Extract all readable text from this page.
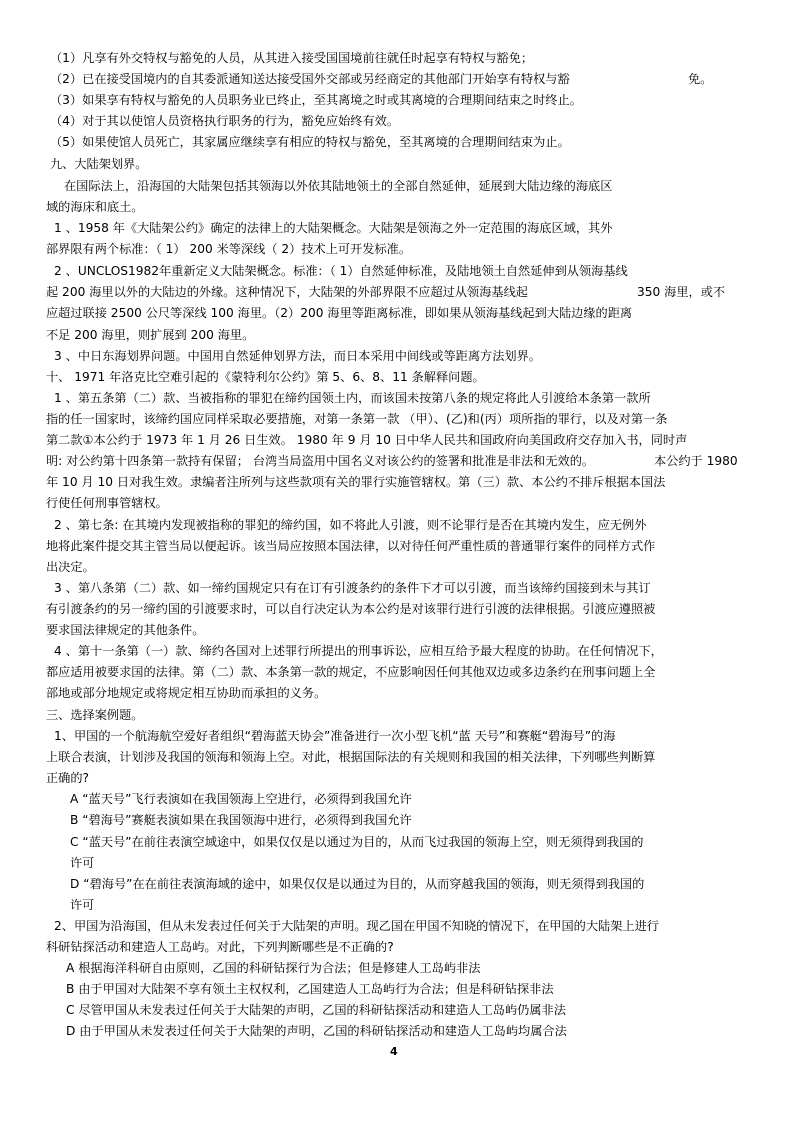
（1）凡享有外交特权与豁免的人员，从其进入接受国国境前往就任时起享有特权与豁免；
（2）已在接受国境内的自其委派通知送达接受国外交部或另经商定的其他部门开始享有特权与豁	免。
（3）如果享有特权与豁免的人员职务业已终止，至其离境之时或其离境的合理期间结束之时终止。
（4）对于其以使馆人员资格执行职务的行为，豁免应始终有效。
（5）如果使馆人员死亡，其家属应继续享有相应的特权与豁免，至其离境的合理期间结束为止。
九、大陆架划界。
在国际法上，沿海国的大陆架包括其领海以外依其陆地领土的全部自然延伸，延展到大陆边缘的海底区
域的海床和底土。
1 、1958 年《大陆架公约》确定的法律上的大陆架概念。大陆架是领海之外一定范围的海底区域，其外
部界限有两个标准：（ 1） 200 米等深线（ 2）技术上可开发标准。
2 、UNCLOS1982年重新定义大陆架概念。标准：（ 1）自然延伸标准，及陆地领土自然延伸到从领海基线
起 200 海里以外的大陆边的外缘。这种情况下，大陆架的外部界限不应超过从领海基线起	350 海里，或不
应超过联接 2500 公尺等深线 100 海里。（2）200 海里等距离标准，即如果从领海基线起到大陆边缘的距离
不足 200 海里，则扩展到 200 海里。
3 、中日东海划界问题。中国用自然延伸划界方法，而日本采用中间线或等距离方法划界。
十、 1971 年洛克比空难引起的《蒙特利尔公约》第 5、6、8、11 条解释问题。
1 、第五条第（二）款、当被指称的罪犯在缔约国领土内，而该国未按第八条的规定将此人引渡给本条第一款所
指的任一国家时，该缔约国应同样采取必要措施，对第一条第一款 （甲）、(乙)和(丙）项所指的罪行，以及对第一条
第二款①本公约于 1973 年 1 月 26 日生效。 1980 年 9 月 10 日中华人民共和国政府向美国政府交存加入书，同时声
明: 对公约第十四条第一款持有保留； 台湾当局盗用中国名义对该公约的签署和批准是非法和无效的。	本公约于 1980
年 10 月 10 日对我生效。隶编者注所列与这些款项有关的罪行实施管辖权。第（三）款、本公约不排斥根据本国法
行使任何刑事管辖权。
2 、第七条: 在其境内发现被指称的罪犯的缔约国，如不将此人引渡，则不论罪行是否在其境内发生，应无例外
地将此案件提交其主管当局以便起诉。该当局应按照本国法律，以对待任何严重性质的普通罪行案件的同样方式作
出决定。
3 、第八条第（二）款、如一缔约国规定只有在订有引渡条约的条件下才可以引渡，而当该缔约国接到未与其订
有引渡条约的另一缔约国的引渡要求时，可以自行决定认为本公约是对该罪行进行引渡的法律根据。引渡应遵照被
要求国法律规定的其他条件。
4 、第十一条第（一）款、缔约各国对上述罪行所提出的刑事诉讼，应相互给予最大程度的协助。在任何情况下，
都应适用被要求国的法律。第（二）款、本条第一款的规定，不应影响因任何其他双边或多边条约在刑事问题上全
部地或部分地规定或将规定相互协助而承担的义务。
三、选择案例题。
1、甲国的一个航海航空爱好者组织“碧海蓝天协会”准备进行一次小型飞机“蓝 天号”和赛艇“碧海号”的海
上联合表演，计划涉及我国的领海和领海上空。对此，根据国际法的有关规则和我国的相关法律，下列哪些判断算
正确的?
A “蓝天号”飞行表演如在我国领海上空进行，必须得到我国允许
B “碧海号”赛艇表演如果在我国领海中进行，必须得到我国允许
C “蓝天号”在前往表演空域途中，如果仅仅是以通过为目的，从而飞过我国的领海上空，则无须得到我国的
许可
D “碧海号”在在前往表演海域的途中，如果仅仅是以通过为目的，从而穿越我国的领海，则无须得到我国的
许可
2、甲国为沿海国，但从未发表过任何关于大陆架的声明。现乙国在甲国不知晓的情况下，在甲国的大陆架上进行
科研钻探活动和建造人工岛屿。对此，下列判断哪些是不正确的?
A 根据海洋科研自由原则，乙国的科研钻探行为合法；但是修建人工岛屿非法
B 由于甲国对大陆架不享有领土主权权利，乙国建造人工岛屿行为合法；但是科研钻探非法
C 尽管甲国从未发表过任何关于大陆架的声明，乙国的科研钻探活动和建造人工岛屿仍属非法
D 由于甲国从未发表过任何关于大陆架的声明，乙国的科研钻探活动和建造人工岛屿均属合法
4
